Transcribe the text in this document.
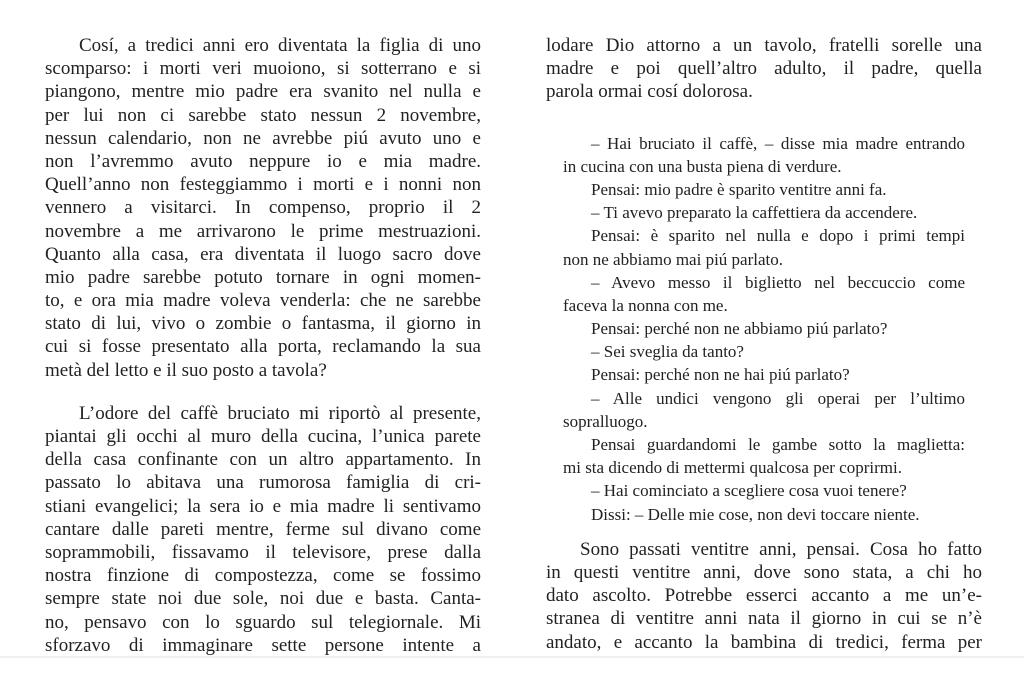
Cosí, a tredici anni ero diventata la figlia di uno
scomparso: i morti veri muoiono, si sotterrano e si
piangono, mentre mio padre era svanito nel nulla e
per lui non ci sarebbe stato nessun 2 novembre,
nessun calendario, non ne avrebbe piú avuto uno e
non l’avremmo avuto neppure io e mia madre.
Quell’anno non festeggiammo i morti e i nonni non
vennero a visitarci. In compenso, proprio il 2
novembre a me arrivarono le prime mestruazioni.
Quanto alla casa, era diventata il luogo sacro dove
mio padre sarebbe potuto tornare in ogni momen-
to, e ora mia madre voleva venderla: che ne sarebbe
stato di lui, vivo o zombie o fantasma, il giorno in
cui si fosse presentato alla porta, reclamando la sua
metà del letto e il suo posto a tavola?
L’odore del caffè bruciato mi riportò al presente,
piantai gli occhi al muro della cucina, l’unica parete
della casa confinante con un altro appartamento. In
passato lo abitava una rumorosa famiglia di cri-
stiani evangelici; la sera io e mia madre li sentivamo
cantare dalle pareti mentre, ferme sul divano come
soprammobili, fissavamo il televisore, prese dalla
nostra finzione di compostezza, come se fossimo
sempre state noi due sole, noi due e basta. Canta-
no, pensavo con lo sguardo sul telegiornale. Mi
sforzavo di immaginare sette persone intente a
lodare Dio attorno a un tavolo, fratelli sorelle una
madre e poi quell’altro adulto, il padre, quella
parola ormai cosí dolorosa.
– Hai bruciato il caffè, – disse mia madre entrando
in cucina con una busta piena di verdure.
Pensai: mio padre è sparito ventitre anni fa.
– Ti avevo preparato la caffettiera da accendere.
Pensai: è sparito nel nulla e dopo i primi tempi
non ne abbiamo mai piú parlato.
– Avevo messo il biglietto nel beccuccio come
faceva la nonna con me.
Pensai: perché non ne abbiamo piú parlato?
– Sei sveglia da tanto?
Pensai: perché non ne hai piú parlato?
– Alle undici vengono gli operai per l’ultimo
sopralluogo.
Pensai guardandomi le gambe sotto la maglietta:
mi sta dicendo di mettermi qualcosa per coprirmi.
– Hai cominciato a scegliere cosa vuoi tenere?
Dissi: – Delle mie cose, non devi toccare niente.
Sono passati ventitre anni, pensai. Cosa ho fatto
in questi ventitre anni, dove sono stata, a chi ho
dato ascolto. Potrebbe esserci accanto a me un’e-
stranea di ventitre anni nata il giorno in cui se n’è
andato, e accanto la bambina di tredici, ferma per
